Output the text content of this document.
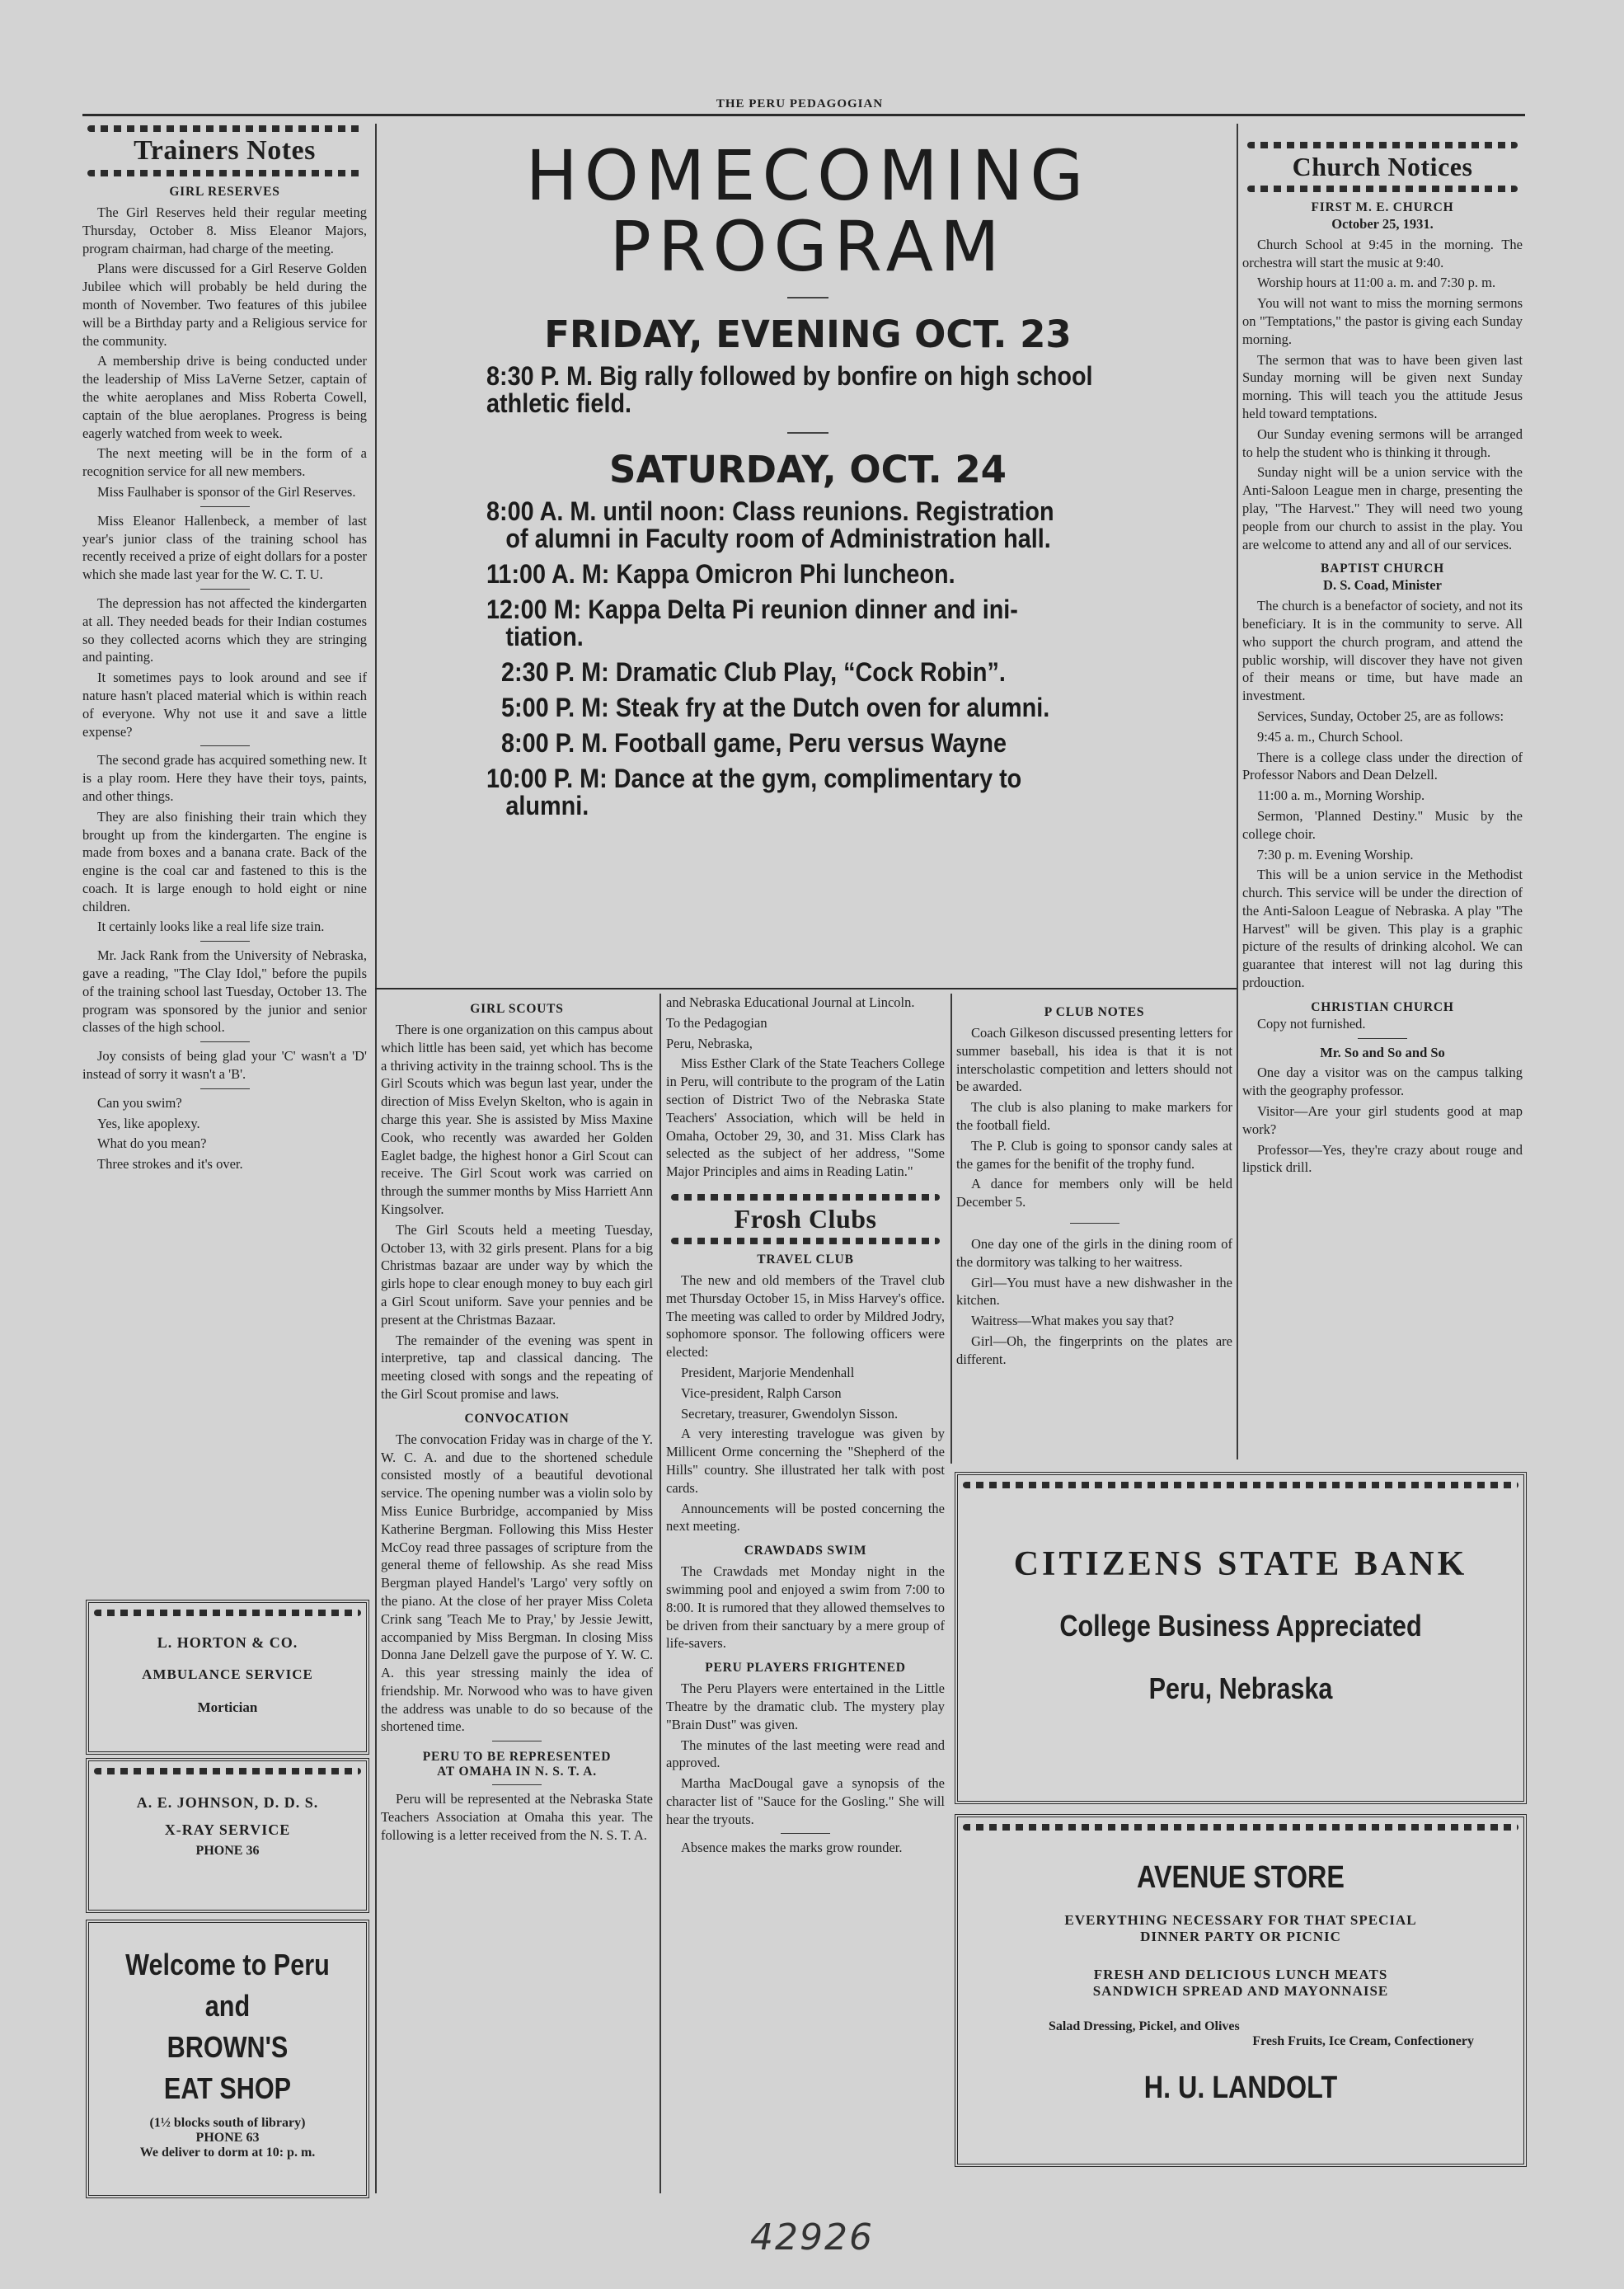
THE PERU PEDAGOGIAN
Trainers Notes
GIRL RESERVES

The Girl Reserves held their regular meeting Thursday, October 8. Miss Eleanor Majors, program chairman, had charge of the meeting.

Plans were discussed for a Girl Reserve Golden Jubilee which will probably be held during the month of November. Two features of this jubilee will be a Birthday party and a Religious service for the community.

A membership drive is being conducted under the leadership of Miss LaVerne Setzer, captain of the white aeroplanes and Miss Roberta Cowell, captain of the blue aeroplanes. Progress is being eagerly watched from week to week.

The next meeting will be in the form of a recognition service for all new members.

Miss Faulhaber is sponsor of the Girl Reserves.

Miss Eleanor Hallenbeck, a member of last year's junior class of the training school has recently received a prize of eight dollars for a poster which she made last year for the W. C. T. U.

The depression has not affected the kindergarten at all. They needed beads for their Indian costumes so they collected acorns which they are stringing and painting.

It sometimes pays to look around and see if nature hasn't placed material which is within reach of everyone. Why not use it and save a little expense?

The second grade has acquired something new. It is a play room. Here they have their toys, paints, and other things.

They are also finishing their train which they brought up from the kindergarten. The engine is made from boxes and a banana crate. Back of the engine is the coal car and fastened to this is the coach. It is large enough to hold eight or nine children.

It certainly looks like a real life size train.

Mr. Jack Rank from the University of Nebraska, gave a reading, "The Clay Idol," before the pupils of the training school last Tuesday, October 13. The program was sponsored by the junior and senior classes of the high school.

Joy consists of being glad your 'C' wasn't a 'D' instead of sorry it wasn't a 'B'.

Can you swim?

Yes, like apoplexy.

What do you mean?

Three strokes and it's over.

L. HORTON & CO.
AMBULANCE SERVICE
Mortician
A. E. JOHNSON, D. D. S.
X-RAY SERVICE
PHONE 36
Welcome to Peru
and
BROWN'S
EAT SHOP
(1½ blocks south of library)
PHONE 63
We deliver to dorm at 10: p. m.
HOMECOMING
PROGRAM
FRIDAY, EVENING OCT. 23
8:30 P. M. Big rally followed by bonfire on high school athletic field.
SATURDAY, OCT. 24
8:00 A. M. until noon: Class reunions. Registration
of alumni in Faculty room of Administration hall.
11:00 A. M: Kappa Omicron Phi luncheon.
12:00 M: Kappa Delta Pi reunion dinner and ini-
tiation.
2:30 P. M: Dramatic Club Play, “Cock Robin”.
5:00 P. M: Steak fry at the Dutch oven for alumni.
8:00 P. M. Football game, Peru versus Wayne
10:00 P. M: Dance at the gym, complimentary to
alumni.
GIRL SCOUTS

There is one organization on this campus about which little has been said, yet which has become a thriving activity in the trainng school. Ths is the Girl Scouts which was begun last year, under the direction of Miss Evelyn Skelton, who is again in charge this year. She is assisted by Miss Maxine Cook, who recently was awarded her Golden Eaglet badge, the highest honor a Girl Scout can receive. The Girl Scout work was carried on through the summer months by Miss Harriett Ann Kingsolver.

The Girl Scouts held a meeting Tuesday, October 13, with 32 girls present. Plans for a big Christmas bazaar are under way by which the girls hope to clear enough money to buy each girl a Girl Scout uniform. Save your pennies and be present at the Christmas Bazaar.

The remainder of the evening was spent in interpretive, tap and classical dancing. The meeting closed with songs and the repeating of the Girl Scout promise and laws.

CONVOCATION

The convocation Friday was in charge of the Y. W. C. A. and due to the shortened schedule consisted mostly of a beautiful devotional service. The opening number was a violin solo by Miss Eunice Burbridge, accompanied by Miss Katherine Bergman. Following this Miss Hester McCoy read three passages of scripture from the general theme of fellowship. As she read Miss Bergman played Handel's 'Largo' very softly on the piano. At the close of her prayer Miss Coleta Crink sang 'Teach Me to Pray,' by Jessie Jewitt, accompanied by Miss Bergman. In closing Miss Donna Jane Delzell gave the purpose of Y. W. C. A. this year stressing mainly the idea of friendship. Mr. Norwood who was to have given the address was unable to do so because of the shortened time.

PERU TO BE REPRESENTED
AT OMAHA IN N. S. T. A.

Peru will be represented at the Nebraska State Teachers Association at Omaha this year. The following is a letter received from the N. S. T. A.

and Nebraska Educational Journal at Lincoln.

To the Pedagogian

Peru, Nebraska,

Miss Esther Clark of the State Teachers College in Peru, will contribute to the program of the Latin section of District Two of the Nebraska State Teachers' Association, which will be held in Omaha, October 29, 30, and 31. Miss Clark has selected as the subject of her address, "Some Major Principles and aims in Reading Latin."

Frosh Clubs
TRAVEL CLUB

The new and old members of the Travel club met Thursday October 15, in Miss Harvey's office. The meeting was called to order by Mildred Jodry, sophomore sponsor. The following officers were elected:

President, Marjorie Mendenhall

Vice-president, Ralph Carson

Secretary, treasurer, Gwendolyn Sisson.

A very interesting travelogue was given by Millicent Orme concerning the "Shepherd of the Hills" country. She illustrated her talk with post cards.

Announcements will be posted concerning the next meeting.

CRAWDADS SWIM

The Crawdads met Monday night in the swimming pool and enjoyed a swim from 7:00 to 8:00. It is rumored that they allowed themselves to be driven from their sanctuary by a mere group of life-savers.

PERU PLAYERS FRIGHTENED

The Peru Players were entertained in the Little Theatre by the dramatic club. The mystery play "Brain Dust" was given.

The minutes of the last meeting were read and approved.

Martha MacDougal gave a synopsis of the character list of "Sauce for the Gosling." She will hear the tryouts.

Absence makes the marks grow rounder.

P CLUB NOTES

Coach Gilkeson discussed presenting letters for summer baseball, his idea is that it is not interscholastic competition and letters should not be awarded.

The club is also planing to make markers for the football field.

The P. Club is going to sponsor candy sales at the games for the benifit of the trophy fund.

A dance for members only will be held December 5.

One day one of the girls in the dining room of the dormitory was talking to her waitress.

Girl—You must have a new dishwasher in the kitchen.

Waitress—What makes you say that?

Girl—Oh, the fingerprints on the plates are different.

Church Notices
FIRST M. E. CHURCH

October 25, 1931.

Church School at 9:45 in the morning. The orchestra will start the music at 9:40.

Worship hours at 11:00 a. m. and 7:30 p. m.

You will not want to miss the morning sermons on "Temptations," the pastor is giving each Sunday morning.

The sermon that was to have been given last Sunday morning will be given next Sunday morning. This will teach you the attitude Jesus held toward temptations.

Our Sunday evening sermons will be arranged to help the student who is thinking it through.

Sunday night will be a union service with the Anti-Saloon League men in charge, presenting the play, "The Harvest." They will need two young people from our church to assist in the play. You are welcome to attend any and all of our services.

BAPTIST CHURCH

D. S. Coad, Minister

The church is a benefactor of society, and not its beneficiary. It is in the community to serve. All who support the church program, and attend the public worship, will discover they have not given of their means or time, but have made an investment.

Services, Sunday, October 25, are as follows:

9:45 a. m., Church School.

There is a college class under the direction of Professor Nabors and Dean Delzell.

11:00 a. m., Morning Worship.

Sermon, 'Planned Destiny." Music by the college choir.

7:30 p. m. Evening Worship.

This will be a union service in the Methodist church. This service will be under the direction of the Anti-Saloon League of Nebraska. A play "The Harvest" will be given. This play is a graphic picture of the results of drinking alcohol. We can guarantee that interest will not lag during this prdouction.

CHRISTIAN CHURCH

Copy not furnished.

Mr. So and So and So

One day a visitor was on the campus talking with the geography professor.

Visitor—Are your girl students good at map work?

Professor—Yes, they're crazy about rouge and lipstick drill.

CITIZENS STATE BANK
College Business Appreciated
Peru, Nebraska
AVENUE STORE
EVERYTHING NECESSARY FOR THAT SPECIAL
DINNER PARTY OR PICNIC
FRESH AND DELICIOUS LUNCH MEATS
SANDWICH SPREAD AND MAYONNAISE
Salad Dressing, Pickel, and Olives
Fresh Fruits, Ice Cream, Confectionery
H. U. LANDOLT
42926
